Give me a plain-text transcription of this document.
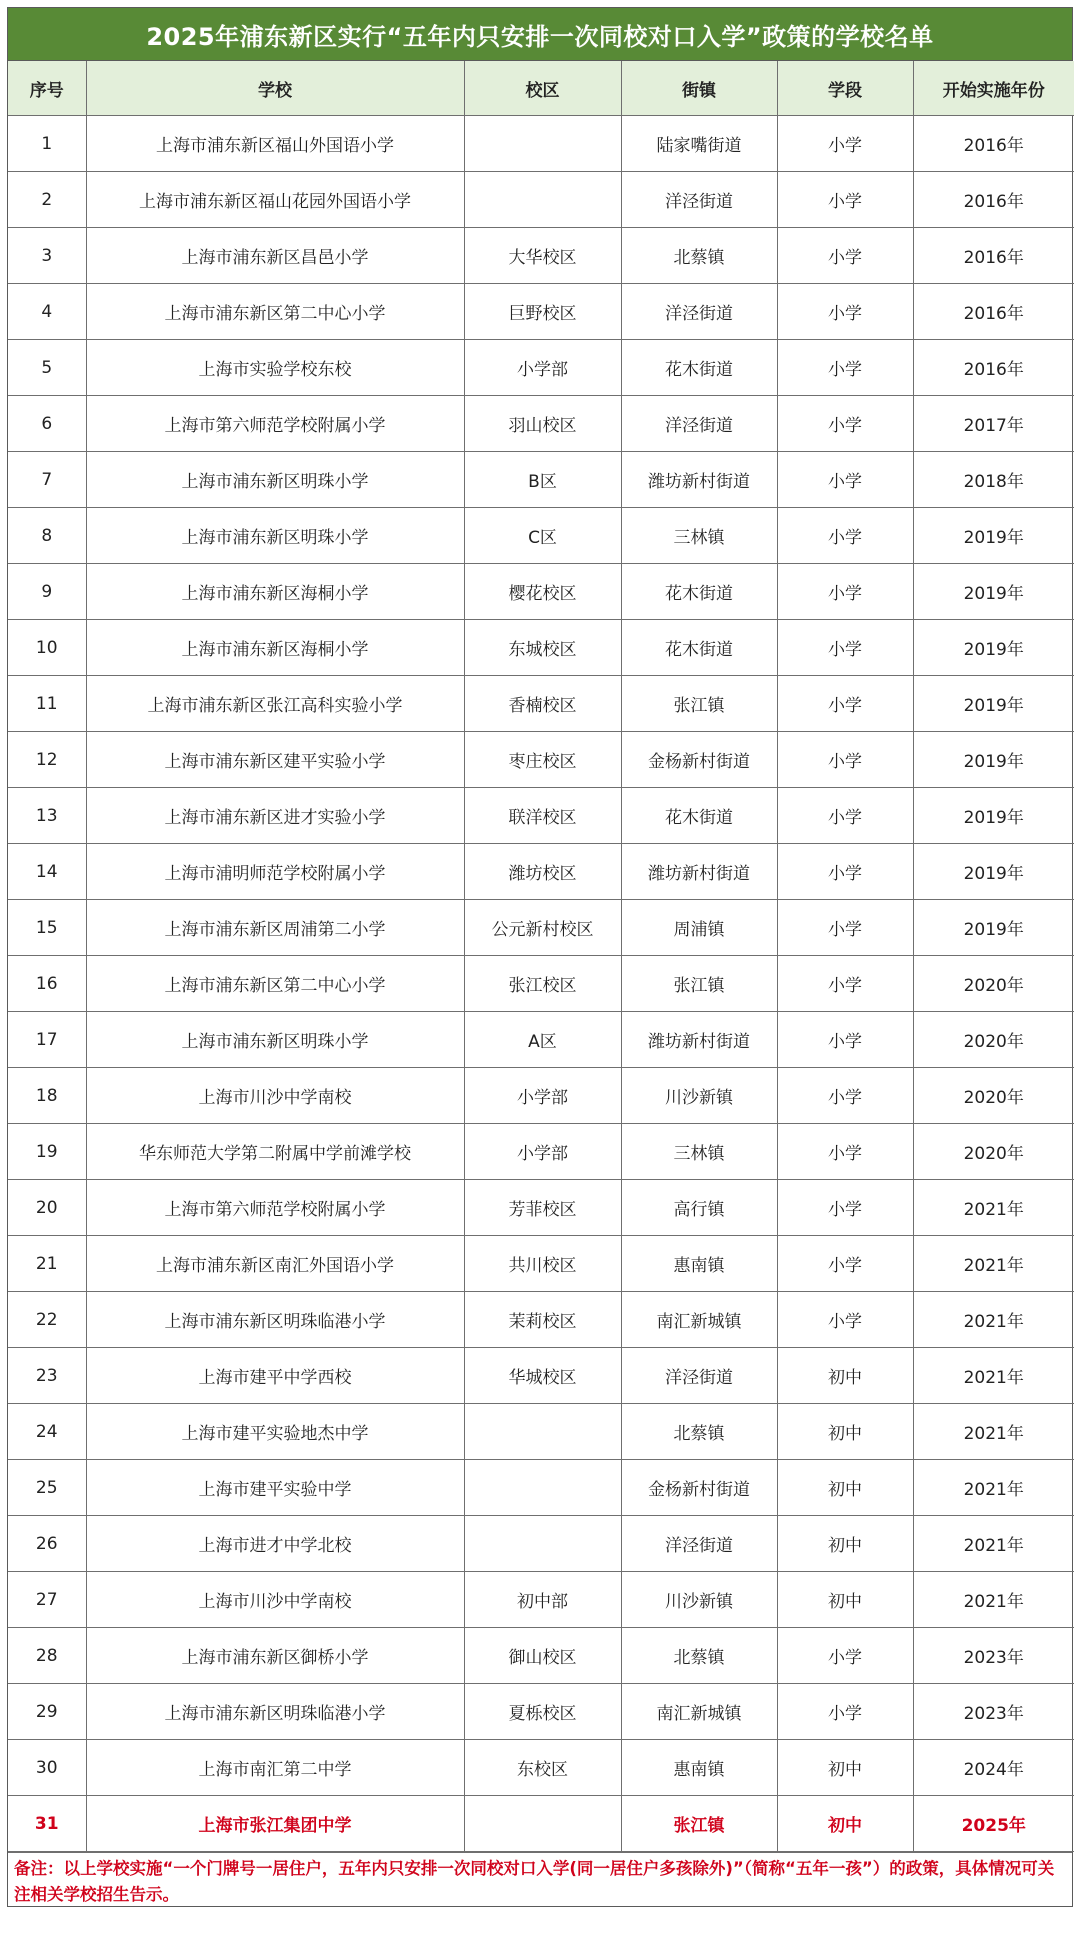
2025年浦东新区实行“五年内只安排一次同校对口入学”政策的学校名单
序号	学校	校区	街镇	学段	开始实施年份
1	上海市浦东新区福山外国语小学		陆家嘴街道	小学	2016年
2	上海市浦东新区福山花园外国语小学		洋泾街道	小学	2016年
3	上海市浦东新区昌邑小学	大华校区	北蔡镇	小学	2016年
4	上海市浦东新区第二中心小学	巨野校区	洋泾街道	小学	2016年
5	上海市实验学校东校	小学部	花木街道	小学	2016年
6	上海市第六师范学校附属小学	羽山校区	洋泾街道	小学	2017年
7	上海市浦东新区明珠小学	B区	潍坊新村街道	小学	2018年
8	上海市浦东新区明珠小学	C区	三林镇	小学	2019年
9	上海市浦东新区海桐小学	樱花校区	花木街道	小学	2019年
10	上海市浦东新区海桐小学	东城校区	花木街道	小学	2019年
11	上海市浦东新区张江高科实验小学	香楠校区	张江镇	小学	2019年
12	上海市浦东新区建平实验小学	枣庄校区	金杨新村街道	小学	2019年
13	上海市浦东新区进才实验小学	联洋校区	花木街道	小学	2019年
14	上海市浦明师范学校附属小学	潍坊校区	潍坊新村街道	小学	2019年
15	上海市浦东新区周浦第二小学	公元新村校区	周浦镇	小学	2019年
16	上海市浦东新区第二中心小学	张江校区	张江镇	小学	2020年
17	上海市浦东新区明珠小学	A区	潍坊新村街道	小学	2020年
18	上海市川沙中学南校	小学部	川沙新镇	小学	2020年
19	华东师范大学第二附属中学前滩学校	小学部	三林镇	小学	2020年
20	上海市第六师范学校附属小学	芳菲校区	高行镇	小学	2021年
21	上海市浦东新区南汇外国语小学	共川校区	惠南镇	小学	2021年
22	上海市浦东新区明珠临港小学	茉莉校区	南汇新城镇	小学	2021年
23	上海市建平中学西校	华城校区	洋泾街道	初中	2021年
24	上海市建平实验地杰中学		北蔡镇	初中	2021年
25	上海市建平实验中学		金杨新村街道	初中	2021年
26	上海市进才中学北校		洋泾街道	初中	2021年
27	上海市川沙中学南校	初中部	川沙新镇	初中	2021年
28	上海市浦东新区御桥小学	御山校区	北蔡镇	小学	2023年
29	上海市浦东新区明珠临港小学	夏栎校区	南汇新城镇	小学	2023年
30	上海市南汇第二中学	东校区	惠南镇	初中	2024年
31	上海市张江集团中学		张江镇	初中	2025年
备注：以上学校实施“一个门牌号一居住户，五年内只安排一次同校对口入学(同一居住户多孩除外)”（简称“五年一孩”）的政策，具体情况可关注相关学校招生告示。
